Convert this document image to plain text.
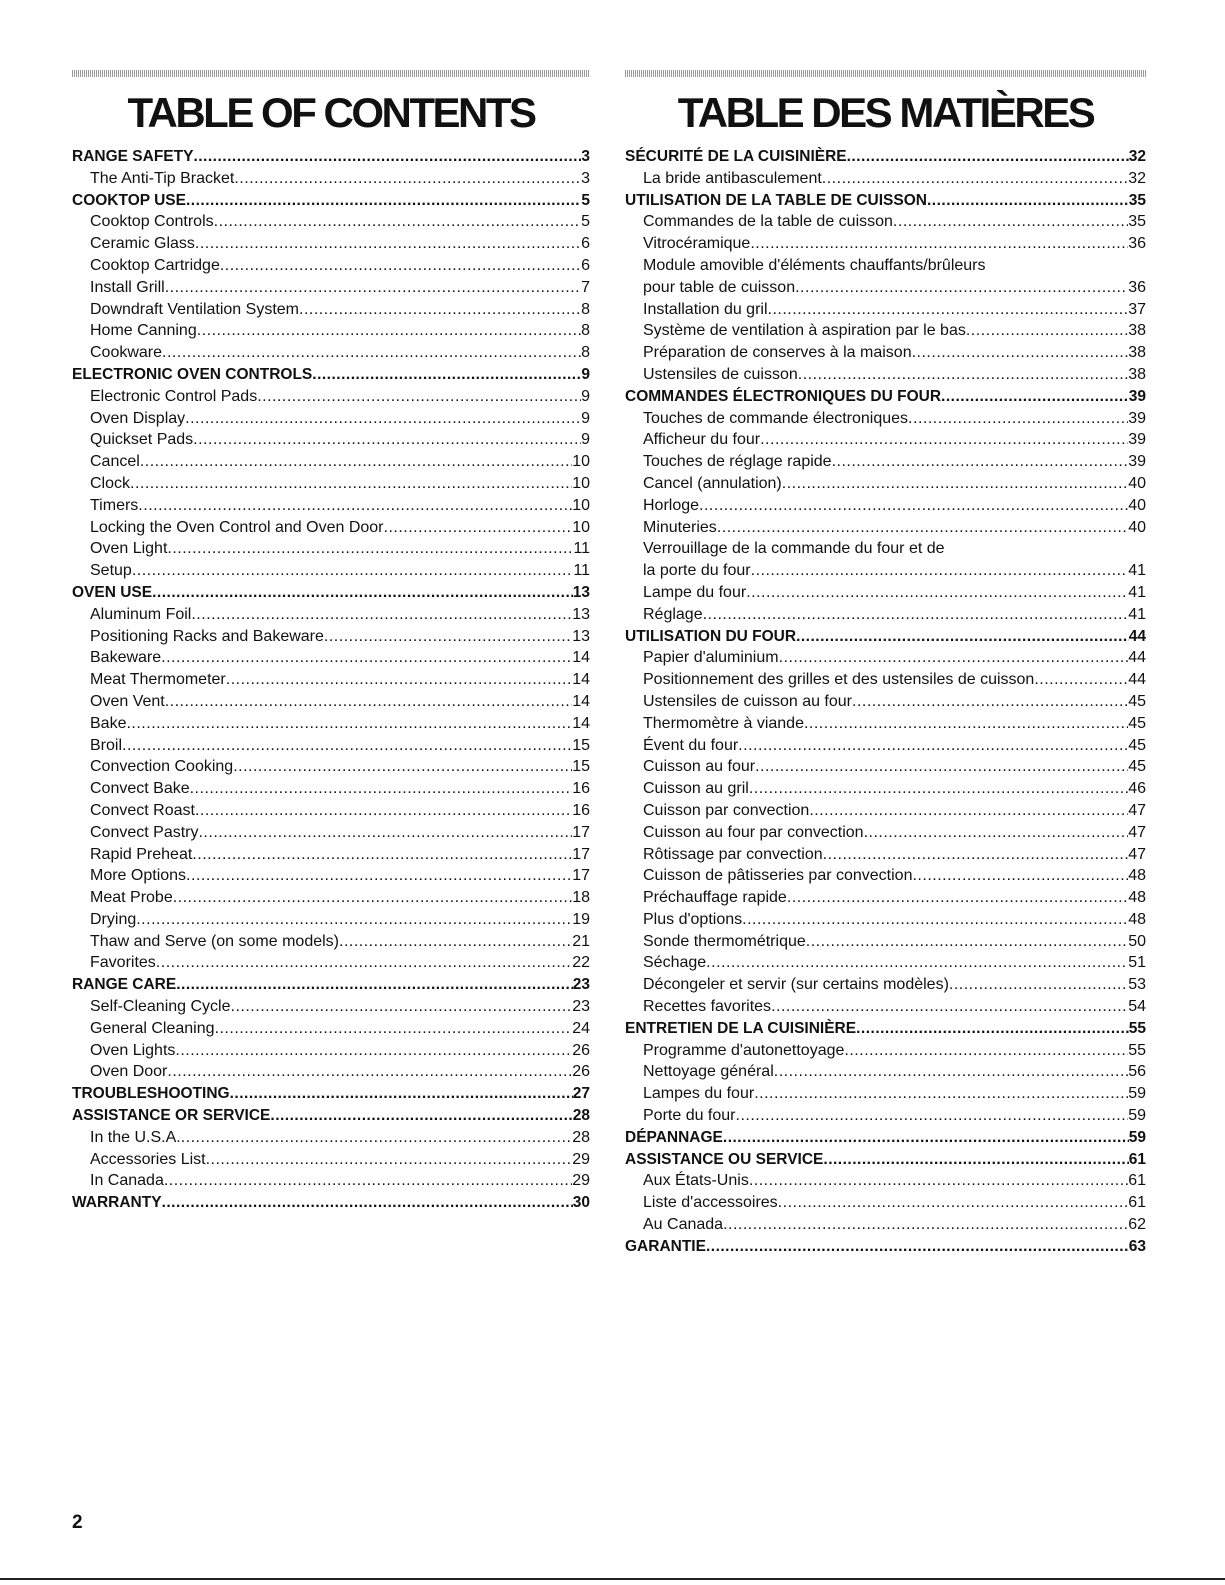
TABLE OF CONTENTS
RANGE SAFETY .....	3
The Anti-Tip Bracket .....	3
COOKTOP USE .....	5
Cooktop Controls .....	5
Ceramic Glass .....	6
Cooktop Cartridge .....	6
Install Grill .....	7
Downdraft Ventilation System .....	8
Home Canning .....	8
Cookware .....	8
ELECTRONIC OVEN CONTROLS .....	9
Electronic Control Pads .....	9
Oven Display .....	9
Quickset Pads .....	9
Cancel .....	10
Clock .....	10
Timers .....	10
Locking the Oven Control and Oven Door .....	10
Oven Light .....	11
Setup .....	11
OVEN USE .....	13
Aluminum Foil .....	13
Positioning Racks and Bakeware .....	13
Bakeware .....	14
Meat Thermometer .....	14
Oven Vent .....	14
Bake .....	14
Broil .....	15
Convection Cooking .....	15
Convect Bake .....	16
Convect Roast .....	16
Convect Pastry .....	17
Rapid Preheat .....	17
More Options .....	17
Meat Probe .....	18
Drying .....	19
Thaw and Serve (on some models) .....	21
Favorites .....	22
RANGE CARE .....	23
Self-Cleaning Cycle .....	23
General Cleaning .....	24
Oven Lights .....	26
Oven Door .....	26
TROUBLESHOOTING .....	27
ASSISTANCE OR SERVICE .....	28
In the U.S.A. .....	28
Accessories List .....	29
In Canada .....	29
WARRANTY .....	30
TABLE DES MATIÈRES
SÉCURITÉ DE LA CUISINIÈRE .....	32
La bride antibasculement .....	32
UTILISATION DE LA TABLE DE CUISSON .....	35
Commandes de la table de cuisson .....	35
Vitrocéramique .....	36
Module amovible d'éléments chauffants/brûleurs
pour table de cuisson .....	36
Installation du gril .....	37
Système de ventilation à aspiration par le bas .....	38
Préparation de conserves à la maison .....	38
Ustensiles de cuisson .....	38
COMMANDES ÉLECTRONIQUES DU FOUR .....	39
Touches de commande électroniques .....	39
Afficheur du four .....	39
Touches de réglage rapide .....	39
Cancel (annulation) .....	40
Horloge .....	40
Minuteries .....	40
Verrouillage de la commande du four et de
la porte du four .....	41
Lampe du four .....	41
Réglage .....	41
UTILISATION DU FOUR .....	44
Papier d'aluminium .....	44
Positionnement des grilles et des ustensiles de cuisson .....	44
Ustensiles de cuisson au four .....	45
Thermomètre à viande .....	45
Évent du four .....	45
Cuisson au four .....	45
Cuisson au gril .....	46
Cuisson par convection .....	47
Cuisson au four par convection .....	47
Rôtissage par convection .....	47
Cuisson de pâtisseries par convection .....	48
Préchauffage rapide .....	48
Plus d'options .....	48
Sonde thermométrique .....	50
Séchage .....	51
Décongeler et servir (sur certains modèles) .....	53
Recettes favorites .....	54
ENTRETIEN DE LA CUISINIÈRE .....	55
Programme d'autonettoyage .....	55
Nettoyage général .....	56
Lampes du four .....	59
Porte du four .....	59
DÉPANNAGE .....	59
ASSISTANCE OU SERVICE .....	61
Aux États-Unis .....	61
Liste d'accessoires .....	61
Au Canada .....	62
GARANTIE .....	63
2
